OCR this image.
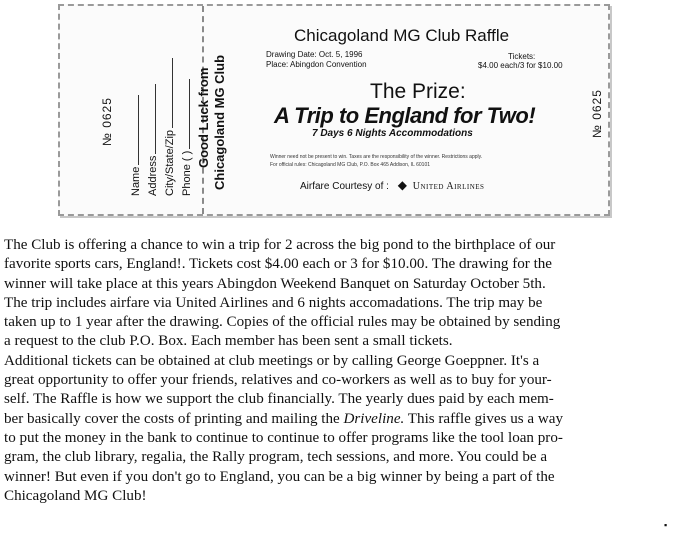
№ 0625
Name Address City/State/Zip Phone ( )
Good Luck from Chicagoland MG Club
Chicagoland MG Club Raffle
Drawing Date: Oct. 5, 1996
Place: Abingdon Convention
Tickets:
$4.00 each/3 for $10.00
The Prize:
A Trip to England for Two!
7 Days 6 Nights Accommodations
Winner need not be present to win. Taxes are the responsibility of the winner. Restrictions apply.
For official rules: Chicagoland MG Club, P.O. Box 465 Addison, IL 60101
Airfare Courtesy of : ◆ United Airlines
№ 0625
The Club is offering a chance to win a trip for 2 across the big pond to the birthplace of our
favorite sports cars, England!. Tickets cost $4.00 each or 3 for $10.00. The drawing for the
winner will take place at this years Abingdon Weekend Banquet on Saturday October 5th.
The trip includes airfare via United Airlines and 6 nights accomadations. The trip may be
taken up to 1 year after the drawing. Copies of the official rules may be obtained by sending
a request to the club P.O. Box. Each member has been sent a small tickets.
Additional tickets can be obtained at club meetings or by calling George Goeppner. It's a
great opportunity to offer your friends, relatives and co-workers as well as to buy for your-
self. The Raffle is how we support the club financially. The yearly dues paid by each mem-
ber basically cover the costs of printing and mailing the Driveline. This raffle gives us a way
to put the money in the bank to continue to continue to offer programs like the tool loan pro-
gram, the club library, regalia, the Rally program, tech sessions, and more. You could be a
winner! But even if you don't go to England, you can be a big winner by being a part of the
Chicagoland MG Club!
▪
